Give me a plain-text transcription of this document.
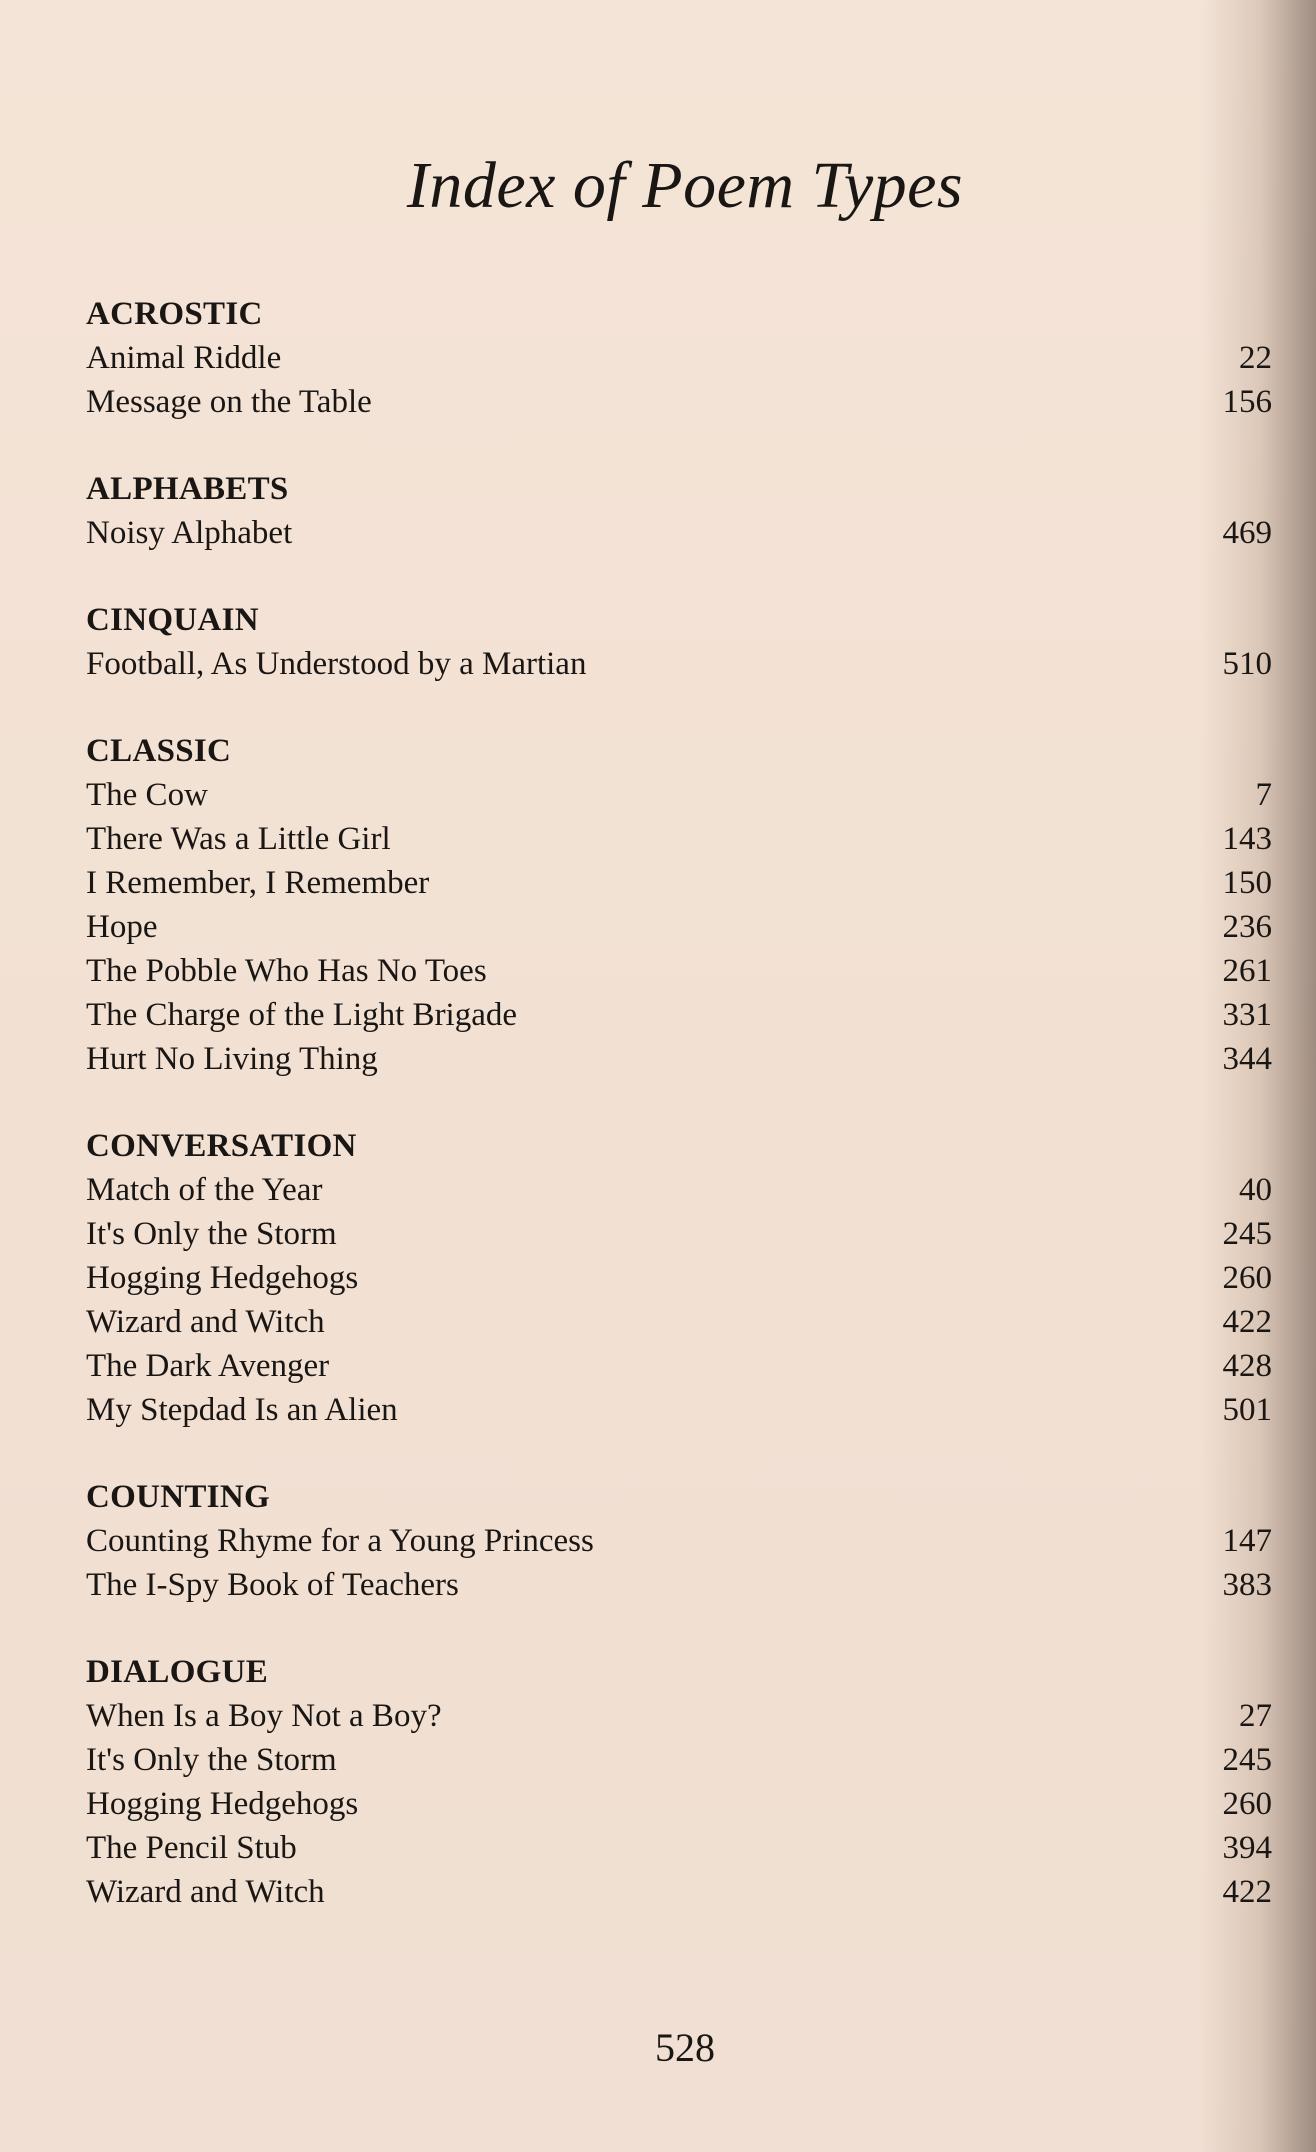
Index of Poem Types
ACROSTIC
Animal Riddle	22
Message on the Table	156
ALPHABETS
Noisy Alphabet	469
CINQUAIN
Football, As Understood by a Martian	510
CLASSIC
The Cow	7
There Was a Little Girl	143
I Remember, I Remember	150
Hope	236
The Pobble Who Has No Toes	261
The Charge of the Light Brigade	331
Hurt No Living Thing	344
CONVERSATION
Match of the Year	40
It's Only the Storm	245
Hogging Hedgehogs	260
Wizard and Witch	422
The Dark Avenger	428
My Stepdad Is an Alien	501
COUNTING
Counting Rhyme for a Young Princess	147
The I-Spy Book of Teachers	383
DIALOGUE
When Is a Boy Not a Boy?	27
It's Only the Storm	245
Hogging Hedgehogs	260
The Pencil Stub	394
Wizard and Witch	422
528
